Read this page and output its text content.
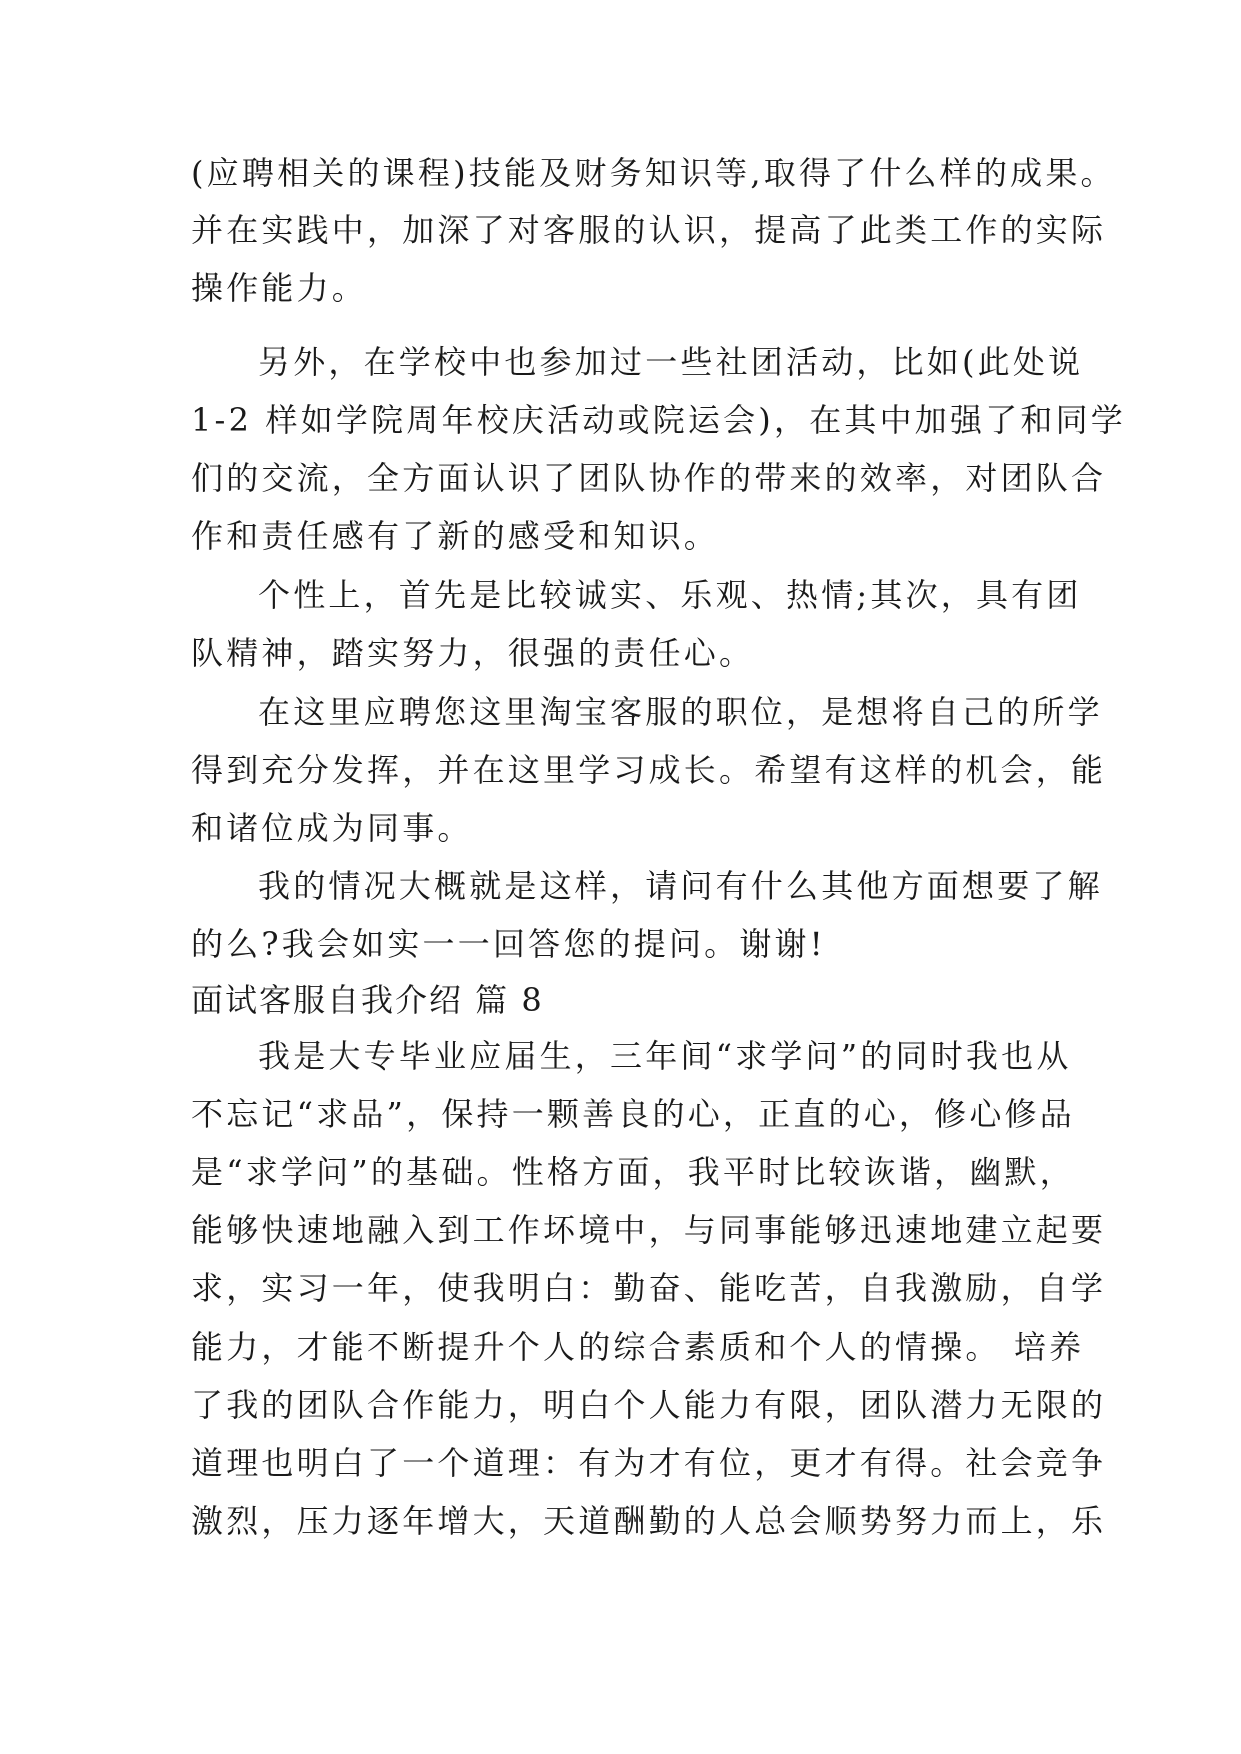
(应聘相关的课程)技能及财务知识等,取得了什么样的成果。
并在实践中，加深了对客服的认识，提高了此类工作的实际
操作能力。
另外，在学校中也参加过一些社团活动，比如(此处说
1-2 样如学院周年校庆活动或院运会)，在其中加强了和同学
们的交流，全方面认识了团队协作的带来的效率，对团队合
作和责任感有了新的感受和知识。
个性上，首先是比较诚实、乐观、热情;其次，具有团
队精神，踏实努力，很强的责任心。
在这里应聘您这里淘宝客服的职位，是想将自己的所学
得到充分发挥，并在这里学习成长。希望有这样的机会，能
和诸位成为同事。
我的情况大概就是这样，请问有什么其他方面想要了解
的么?我会如实一一回答您的提问。谢谢!
面试客服自我介绍 篇 8
我是大专毕业应届生，三年间“求学问”的同时我也从
不忘记“求品”，保持一颗善良的心，正直的心，修心修品
是“求学问”的基础。性格方面，我平时比较诙谐，幽默，
能够快速地融入到工作坏境中，与同事能够迅速地建立起要
求，实习一年，使我明白：勤奋、能吃苦，自我激励，自学
能力，才能不断提升个人的综合素质和个人的情操。 培养
了我的团队合作能力，明白个人能力有限，团队潜力无限的
道理也明白了一个道理：有为才有位，更才有得。社会竞争
激烈，压力逐年增大，天道酬勤的人总会顺势努力而上，乐
